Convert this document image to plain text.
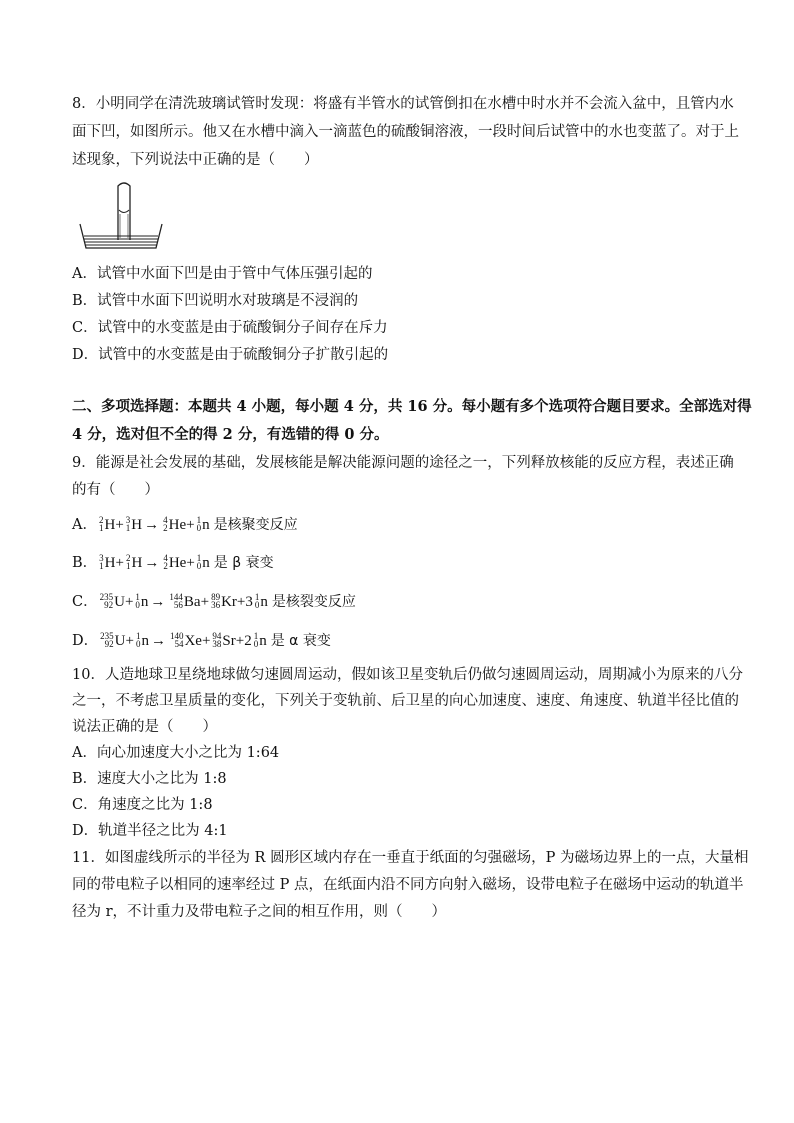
8．小明同学在清洗玻璃试管时发现：将盛有半管水的试管倒扣在水槽中时水并不会流入盆中，且管内水
面下凹，如图所示。他又在水槽中滴入一滴蓝色的硫酸铜溶液，一段时间后试管中的水也变蓝了。对于上
述现象，下列说法中正确的是（　　）
A．试管中水面下凹是由于管中气体压强引起的
B．试管中水面下凹说明水对玻璃是不浸润的
C．试管中的水变蓝是由于硫酸铜分子间存在斥力
D．试管中的水变蓝是由于硫酸铜分子扩散引起的
二、多项选择题：本题共 4 小题，每小题 4 分，共 16 分。每小题有多个选项符合题目要求。全部选对得
4 分，选对但不全的得 2 分，有选错的得 0 分。
9．能源是社会发展的基础，发展核能是解决能源问题的途径之一，下列释放核能的反应方程，表述正确
的有（　　）
A． 2
1 H+ 3
1 H → 4
2 He+ 1
0 n 是核聚变反应
B． 3
1 H+ 2
1 H → 4
2 He+ 1
0 n 是 β 衰变
C． 235
92 U+ 1
0 n → 144
56 Ba+ 89
36 Kr+3 1
0 n 是核裂变反应
D． 235
92 U+ 1
0 n → 140
54 Xe+ 94
38 Sr+2 1
0 n 是 α 衰变
10．人造地球卫星绕地球做匀速圆周运动，假如该卫星变轨后仍做匀速圆周运动，周期减小为原来的八分
之一，不考虑卫星质量的变化，下列关于变轨前、后卫星的向心加速度、速度、角速度、轨道半径比值的
说法正确的是（　　）
A．向心加速度大小之比为 1:64
B．速度大小之比为 1:8
C．角速度之比为 1:8
D．轨道半径之比为 4:1
11．如图虚线所示的半径为 R 圆形区域内存在一垂直于纸面的匀强磁场，P 为磁场边界上的一点，大量相
同的带电粒子以相同的速率经过 P 点，在纸面内沿不同方向射入磁场，设带电粒子在磁场中运动的轨道半
径为 r，不计重力及带电粒子之间的相互作用，则（　　）
